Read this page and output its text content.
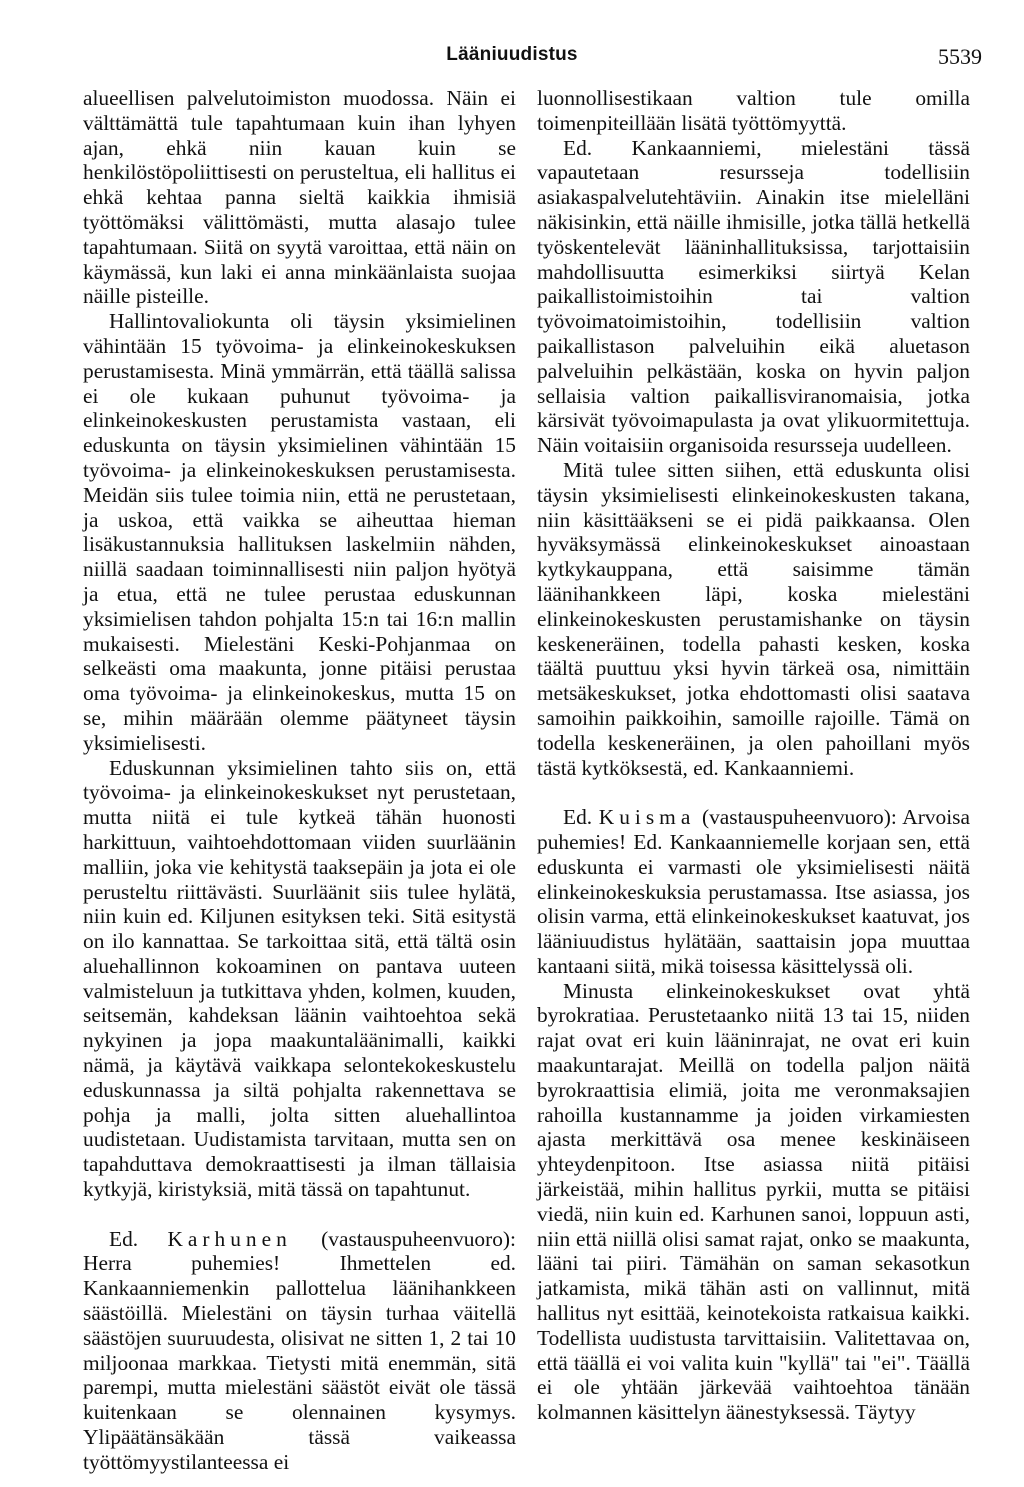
Lääniuudistus	5539

alueellisen palvelutoimiston muodossa. Näin ei välttämättä tule tapahtumaan kuin ihan lyhyen ajan, ehkä niin kauan kuin se henkilöstöpoliittisesti on perusteltua, eli hallitus ei ehkä kehtaa panna sieltä kaikkia ihmisiä työttömäksi välittömästi, mutta alasajo tulee tapahtumaan. Siitä on syytä varoittaa, että näin on käymässä, kun laki ei anna minkäänlaista suojaa näille pisteille.

Hallintovaliokunta oli täysin yksimielinen vähintään 15 työvoima- ja elinkeinokeskuksen perustamisesta. Minä ymmärrän, että täällä salissa ei ole kukaan puhunut työvoima- ja elinkeinokeskusten perustamista vastaan, eli eduskunta on täysin yksimielinen vähintään 15 työvoima- ja elinkeinokeskuksen perustamisesta. Meidän siis tulee toimia niin, että ne perustetaan, ja uskoa, että vaikka se aiheuttaa hieman lisäkustannuksia hallituksen laskelmiin nähden, niillä saadaan toiminnallisesti niin paljon hyötyä ja etua, että ne tulee perustaa eduskunnan yksimielisen tahdon pohjalta 15:n tai 16:n mallin mukaisesti. Mielestäni Keski-Pohjanmaa on selkeästi oma maakunta, jonne pitäisi perustaa oma työvoima- ja elinkeinokeskus, mutta 15 on se, mihin määrään olemme päätyneet täysin yksimielisesti.

Eduskunnan yksimielinen tahto siis on, että työvoima- ja elinkeinokeskukset nyt perustetaan, mutta niitä ei tule kytkeä tähän huonosti harkittuun, vaihtoehdottomaan viiden suurläänin malliin, joka vie kehitystä taaksepäin ja jota ei ole perusteltu riittävästi. Suurläänit siis tulee hylätä, niin kuin ed. Kiljunen esityksen teki. Sitä esitystä on ilo kannattaa. Se tarkoittaa sitä, että tältä osin aluehallinnon kokoaminen on pantava uuteen valmisteluun ja tutkittava yhden, kolmen, kuuden, seitsemän, kahdeksan läänin vaihtoehtoa sekä nykyinen ja jopa maakuntaläänimalli, kaikki nämä, ja käytävä vaikkapa selontekokeskustelu eduskunnassa ja siltä pohjalta rakennettava se pohja ja malli, jolta sitten aluehallintoa uudistetaan. Uudistamista tarvitaan, mutta sen on tapahduttava demokraattisesti ja ilman tällaisia kytkyjä, kiristyksiä, mitä tässä on tapahtunut.

Ed. Karhunen (vastauspuheenvuoro): Herra puhemies! Ihmettelen ed. Kankaanniemenkin pallottelua läänihankkeen säästöillä. Mielestäni on täysin turhaa väitellä säästöjen suuruudesta, olisivat ne sitten 1, 2 tai 10 miljoonaa markkaa. Tietysti mitä enemmän, sitä parempi, mutta mielestäni säästöt eivät ole tässä kuitenkaan se olennainen kysymys. Ylipäätänsäkään tässä vaikeassa työttömyystilanteessa ei

luonnollisestikaan valtion tule omilla toimenpiteillään lisätä työttömyyttä.

Ed. Kankaanniemi, mielestäni tässä vapautetaan resursseja todellisiin asiakaspalvelutehtäviin. Ainakin itse mielelläni näkisinkin, että näille ihmisille, jotka tällä hetkellä työskentelevät lääninhallituksissa, tarjottaisiin mahdollisuutta esimerkiksi siirtyä Kelan paikallistoimistoihin tai valtion työvoimatoimistoihin, todellisiin valtion paikallistason palveluihin eikä aluetason palveluihin pelkästään, koska on hyvin paljon sellaisia valtion paikallisviranomaisia, jotka kärsivät työvoimapulasta ja ovat ylikuormitettuja. Näin voitaisiin organisoida resursseja uudelleen.

Mitä tulee sitten siihen, että eduskunta olisi täysin yksimielisesti elinkeinokeskusten takana, niin käsittääkseni se ei pidä paikkaansa. Olen hyväksymässä elinkeinokeskukset ainoastaan kytkykauppana, että saisimme tämän läänihankkeen läpi, koska mielestäni elinkeinokeskusten perustamishanke on täysin keskeneräinen, todella pahasti kesken, koska täältä puuttuu yksi hyvin tärkeä osa, nimittäin metsäkeskukset, jotka ehdottomasti olisi saatava samoihin paikkoihin, samoille rajoille. Tämä on todella keskeneräinen, ja olen pahoillani myös tästä kytköksestä, ed. Kankaanniemi.

Ed. Kuisma (vastauspuheenvuoro): Arvoisa puhemies! Ed. Kankaanniemelle korjaan sen, että eduskunta ei varmasti ole yksimielisesti näitä elinkeinokeskuksia perustamassa. Itse asiassa, jos olisin varma, että elinkeinokeskukset kaatuvat, jos lääniuudistus hylätään, saattaisin jopa muuttaa kantaani siitä, mikä toisessa käsittelyssä oli.

Minusta elinkeinokeskukset ovat yhtä byrokratiaa. Perustetaanko niitä 13 tai 15, niiden rajat ovat eri kuin lääninrajat, ne ovat eri kuin maakuntarajat. Meillä on todella paljon näitä byrokraattisia elimiä, joita me veronmaksajien rahoilla kustannamme ja joiden virkamiesten ajasta merkittävä osa menee keskinäiseen yhteydenpitoon. Itse asiassa niitä pitäisi järkeistää, mihin hallitus pyrkii, mutta se pitäisi viedä, niin kuin ed. Karhunen sanoi, loppuun asti, niin että niillä olisi samat rajat, onko se maakunta, lääni tai piiri. Tämähän on saman sekasotkun jatkamista, mikä tähän asti on vallinnut, mitä hallitus nyt esittää, keinotekoista ratkaisua kaikki. Todellista uudistusta tarvittaisiin. Valitettavaa on, että täällä ei voi valita kuin "kyllä" tai "ei". Täällä ei ole yhtään järkevää vaihtoehtoa tänään kolmannen käsittelyn äänestyksessä. Täytyy
